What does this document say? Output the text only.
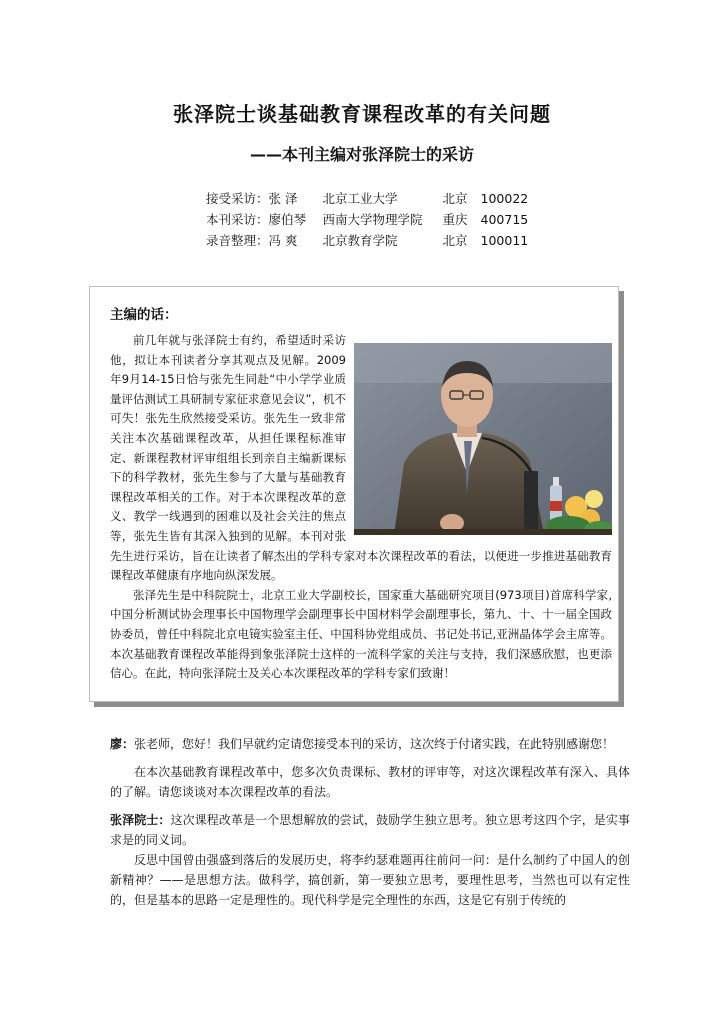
张泽院士谈基础教育课程改革的有关问题
——本刊主编对张泽院士的采访
接受采访：张 泽 北京工业大学	北京 100022
本刊采访：廖伯琴 西南大学物理学院 重庆 400715
录音整理：冯 爽 北京教育学院	北京 100011
主编的话：

前几年就与张泽院士有约，希望适时采访他，拟让本刊读者分享其观点及见解。2009年9月14-15日恰与张先生同赴“中小学学业质量评估测试工具研制专家征求意见会议”，机不可失！张先生欣然接受采访。张先生一致非常关注本次基础课程改革，从担任课程标准审定、新课程教材评审组组长到亲自主编新课标下的科学教材，张先生参与了大量与基础教育课程改革相关的工作。对于本次课程改革的意义、教学一线遇到的困难以及社会关注的焦点等，张先生皆有其深入独到的见解。本刊对张先生进行采访，旨在让读者了解杰出的学科专家对本次课程改革的看法，以便进一步推进基础教育课程改革健康有序地向纵深发展。

张泽先生是中科院院士，北京工业大学副校长，国家重大基础研究项目(973项目)首席科学家,中国分析测试协会理事长中国物理学会副理事长中国材料学会副理事长，第九、十、十一届全国政协委员，曾任中科院北京电镜实验室主任、中国科协党组成员、书记处书记,亚洲晶体学会主席等。本次基础教育课程改革能得到象张泽院士这样的一流科学家的关注与支持，我们深感欣慰，也更添信心。在此，特向张泽院士及关心本次课程改革的学科专家们致谢！

廖：张老师，您好！我们早就约定请您接受本刊的采访，这次终于付诸实践，在此特别感谢您！

在本次基础教育课程改革中，您多次负责课标、教材的评审等，对这次课程改革有深入、具体的了解。请您谈谈对本次课程改革的看法。

张泽院士：这次课程改革是一个思想解放的尝试，鼓励学生独立思考。独立思考这四个字，是实事求是的同义词。

反思中国曾由强盛到落后的发展历史，将李约瑟难题再往前问一问：是什么制约了中国人的创新精神？——是思想方法。做科学，搞创新，第一要独立思考，要理性思考，当然也可以有定性的，但是基本的思路一定是理性的。现代科学是完全理性的东西，这是它有别于传统的
